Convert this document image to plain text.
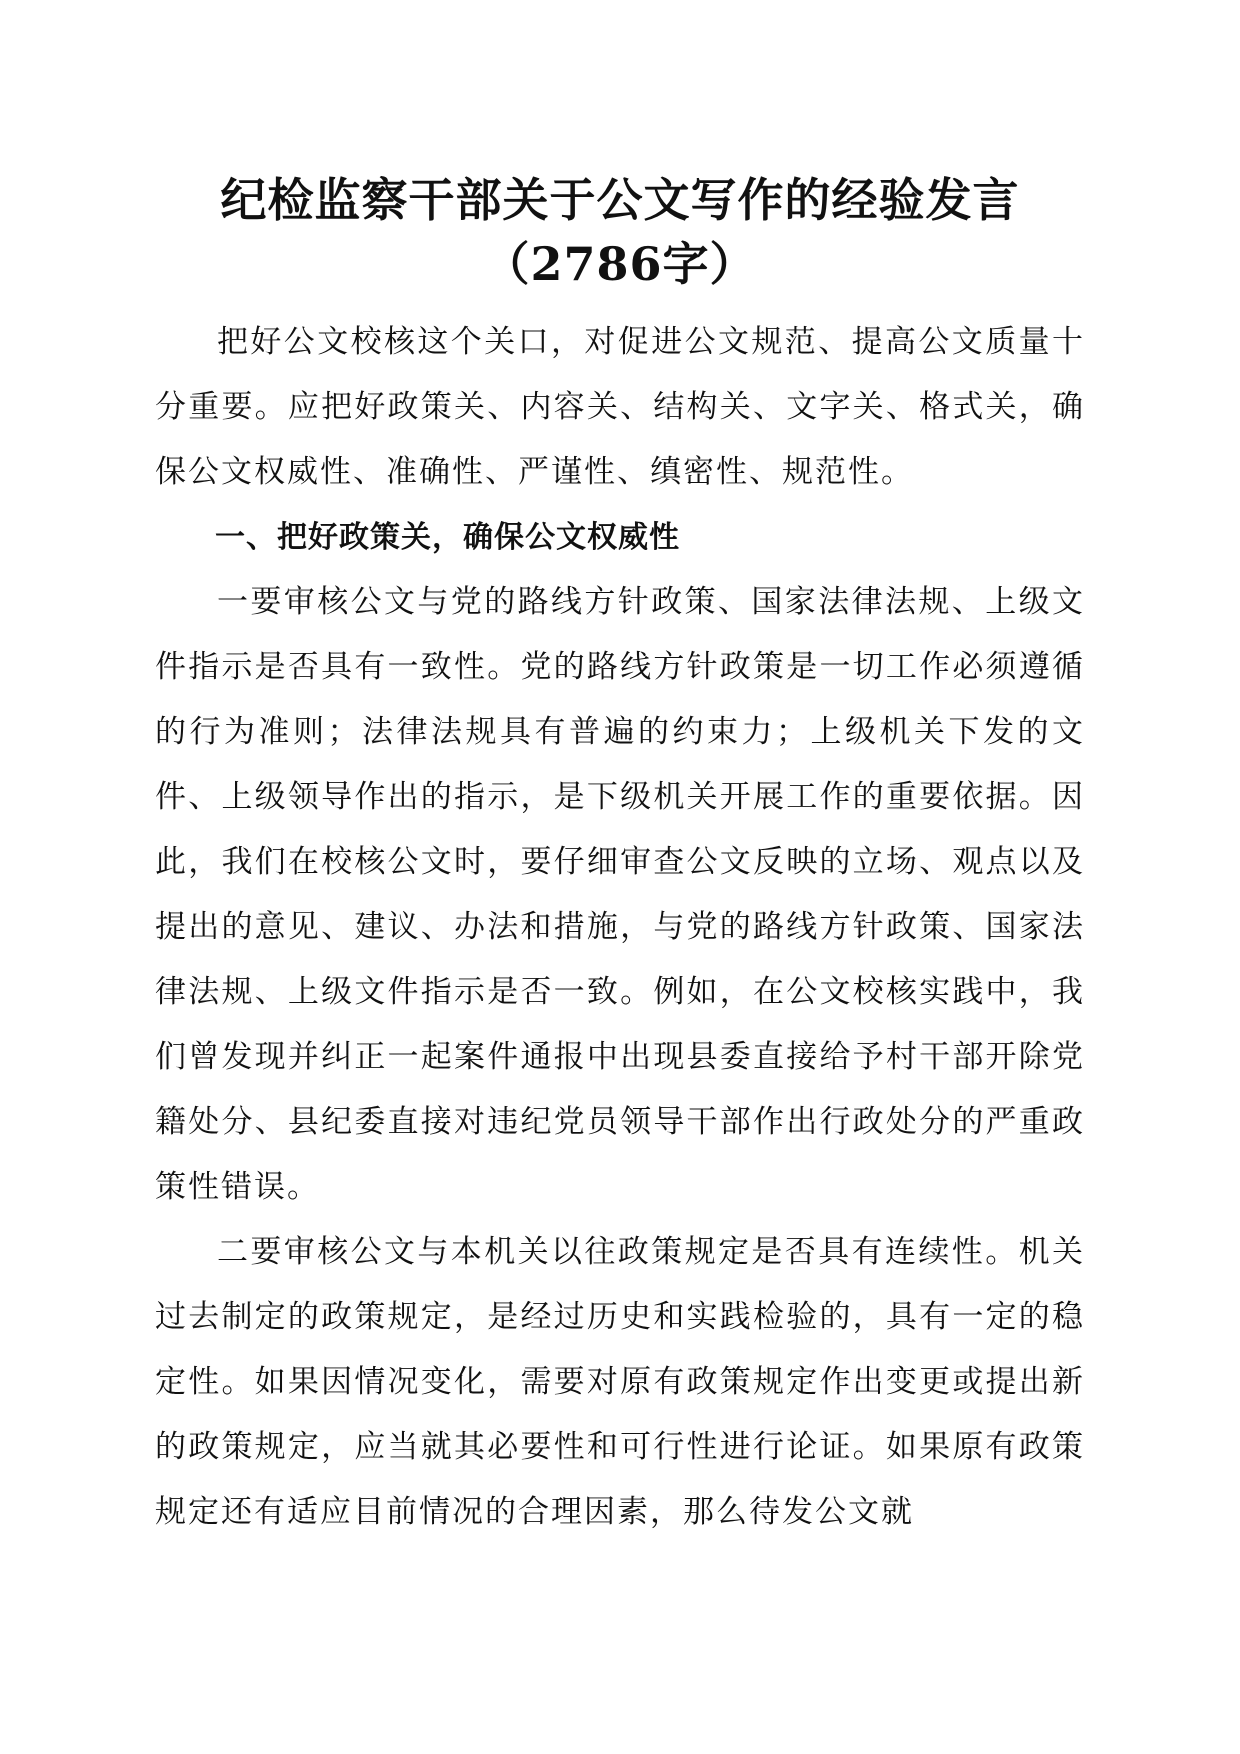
纪检监察干部关于公文写作的经验发言（2786字）

把好公文校核这个关口，对促进公文规范、提高公文质量十分重要。应把好政策关、内容关、结构关、文字关、格式关，确保公文权威性、准确性、严谨性、缜密性、规范性。

一、把好政策关，确保公文权威性

一要审核公文与党的路线方针政策、国家法律法规、上级文件指示是否具有一致性。党的路线方针政策是一切工作必须遵循的行为准则；法律法规具有普遍的约束力；上级机关下发的文件、上级领导作出的指示，是下级机关开展工作的重要依据。因此，我们在校核公文时，要仔细审查公文反映的立场、观点以及提出的意见、建议、办法和措施，与党的路线方针政策、国家法律法规、上级文件指示是否一致。例如，在公文校核实践中，我们曾发现并纠正一起案件通报中出现县委直接给予村干部开除党籍处分、县纪委直接对违纪党员领导干部作出行政处分的严重政策性错误。

二要审核公文与本机关以往政策规定是否具有连续性。机关过去制定的政策规定，是经过历史和实践检验的，具有一定的稳定性。如果因情况变化，需要对原有政策规定作出变更或提出新的政策规定，应当就其必要性和可行性进行论证。如果原有政策规定还有适应目前情况的合理因素，那么待发公文就
